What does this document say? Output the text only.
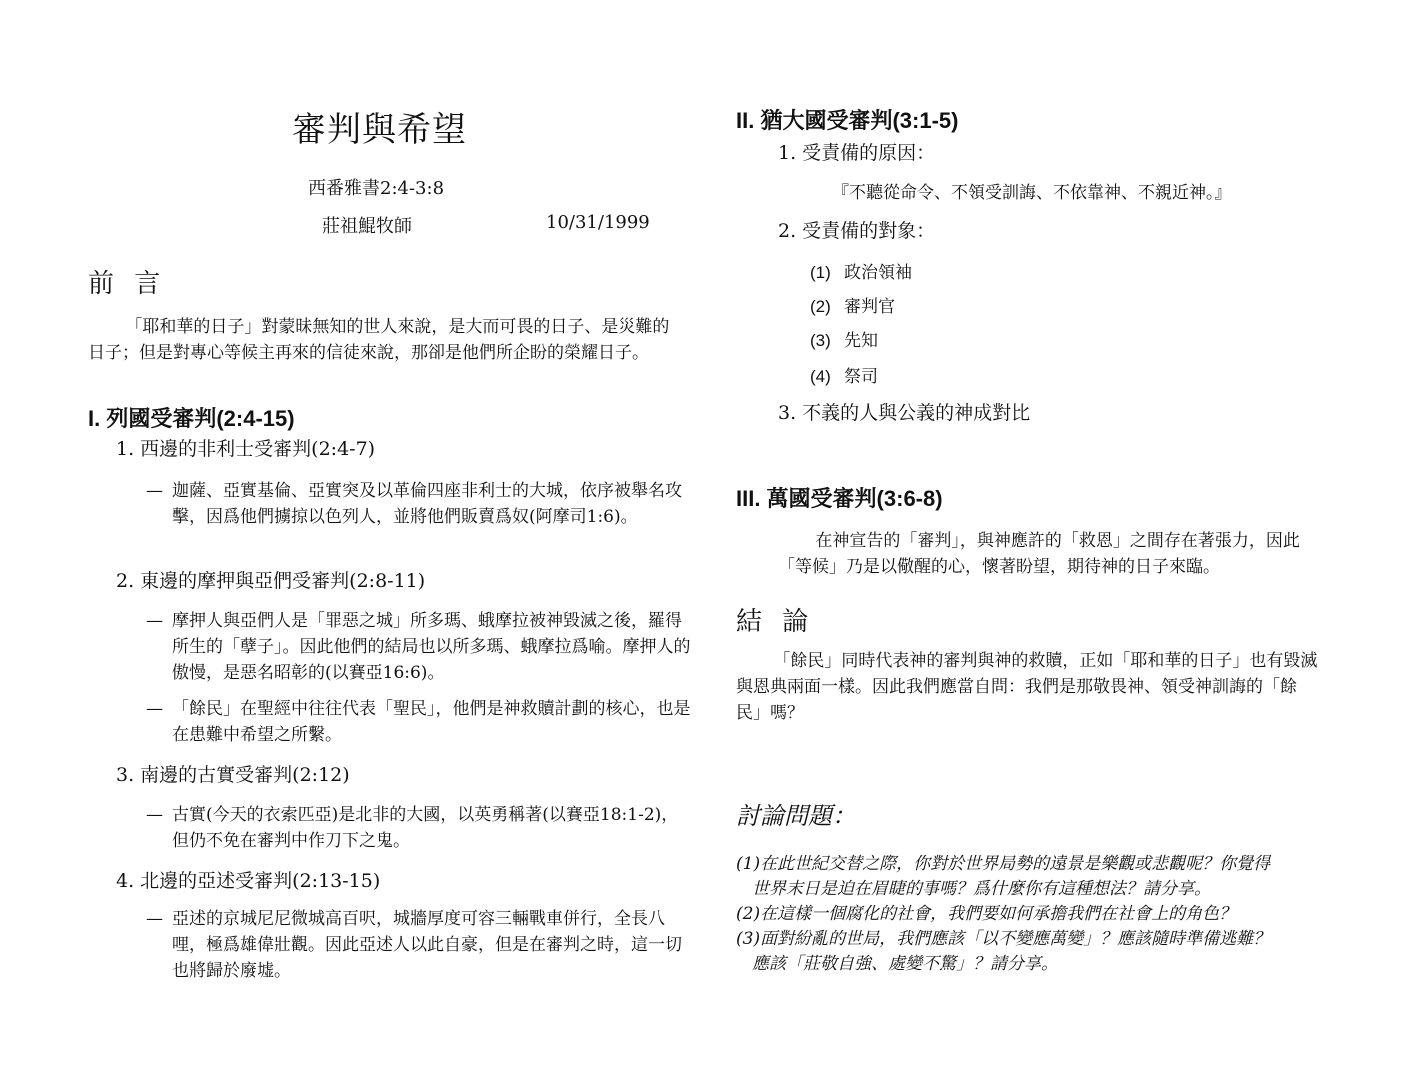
審判與希望
西番雅書2:4-3:8
莊祖鯤牧師	10/31/1999
前 言

「耶和華的日子」對蒙昧無知的世人來說，是大而可畏的日子、是災難的日子；但是對專心等候主再來的信徒來說，那卻是他們所企盼的榮耀日子。

I. 列國受審判(2:4-15)
1. 西邊的非利士受審判(2:4-7)
— 迦薩、亞實基倫、亞實突及以革倫四座非利士的大城，依序被舉名攻擊，因爲他們擄掠以色列人，並將他們販賣爲奴(阿摩司1:6)。
2. 東邊的摩押與亞們受審判(2:8-11)
— 摩押人與亞們人是「罪惡之城」所多瑪、蛾摩拉被神毀滅之後，羅得所生的「孽子」。因此他們的結局也以所多瑪、蛾摩拉爲喻。摩押人的傲慢，是惡名昭彰的(以賽亞16:6)。
— 「餘民」在聖經中往往代表「聖民」，他們是神救贖計劃的核心，也是在患難中希望之所繫。
3. 南邊的古實受審判(2:12)
— 古實(今天的衣索匹亞)是北非的大國，以英勇稱著(以賽亞18:1-2)，但仍不免在審判中作刀下之鬼。
4. 北邊的亞述受審判(2:13-15)
— 亞述的京城尼尼微城高百呎，城牆厚度可容三輛戰車併行，全長八哩，極爲雄偉壯觀。因此亞述人以此自豪，但是在審判之時，這一切也將歸於廢墟。
II. 猶大國受審判(3:1-5)
1. 受責備的原因：
『不聽從命令、不領受訓誨、不依靠神、不親近神。』
2. 受責備的對象：
(1) 政治領袖
(2) 審判官
(3) 先知
(4) 祭司
3. 不義的人與公義的神成對比
III. 萬國受審判(3:6-8)

在神宣告的「審判」，與神應許的「救恩」之間存在著張力，因此「等候」乃是以儆醒的心，懷著盼望，期待神的日子來臨。

結 論

「餘民」同時代表神的審判與神的救贖，正如「耶和華的日子」也有毀滅與恩典兩面一樣。因此我們應當自問：我們是那敬畏神、領受神訓誨的「餘民」嗎？

討論問題：
(1)在此世紀交替之際，你對於世界局勢的遠景是樂觀或悲觀呢？你覺得
世界末日是迫在眉睫的事嗎？爲什麼你有這種想法？請分享。
(2)在這樣一個腐化的社會，我們要如何承擔我們在社會上的角色？
(3)面對紛亂的世局，我們應該「以不變應萬變」？應該隨時準備逃難？
應該「莊敬自強、處變不驚」？請分享。
